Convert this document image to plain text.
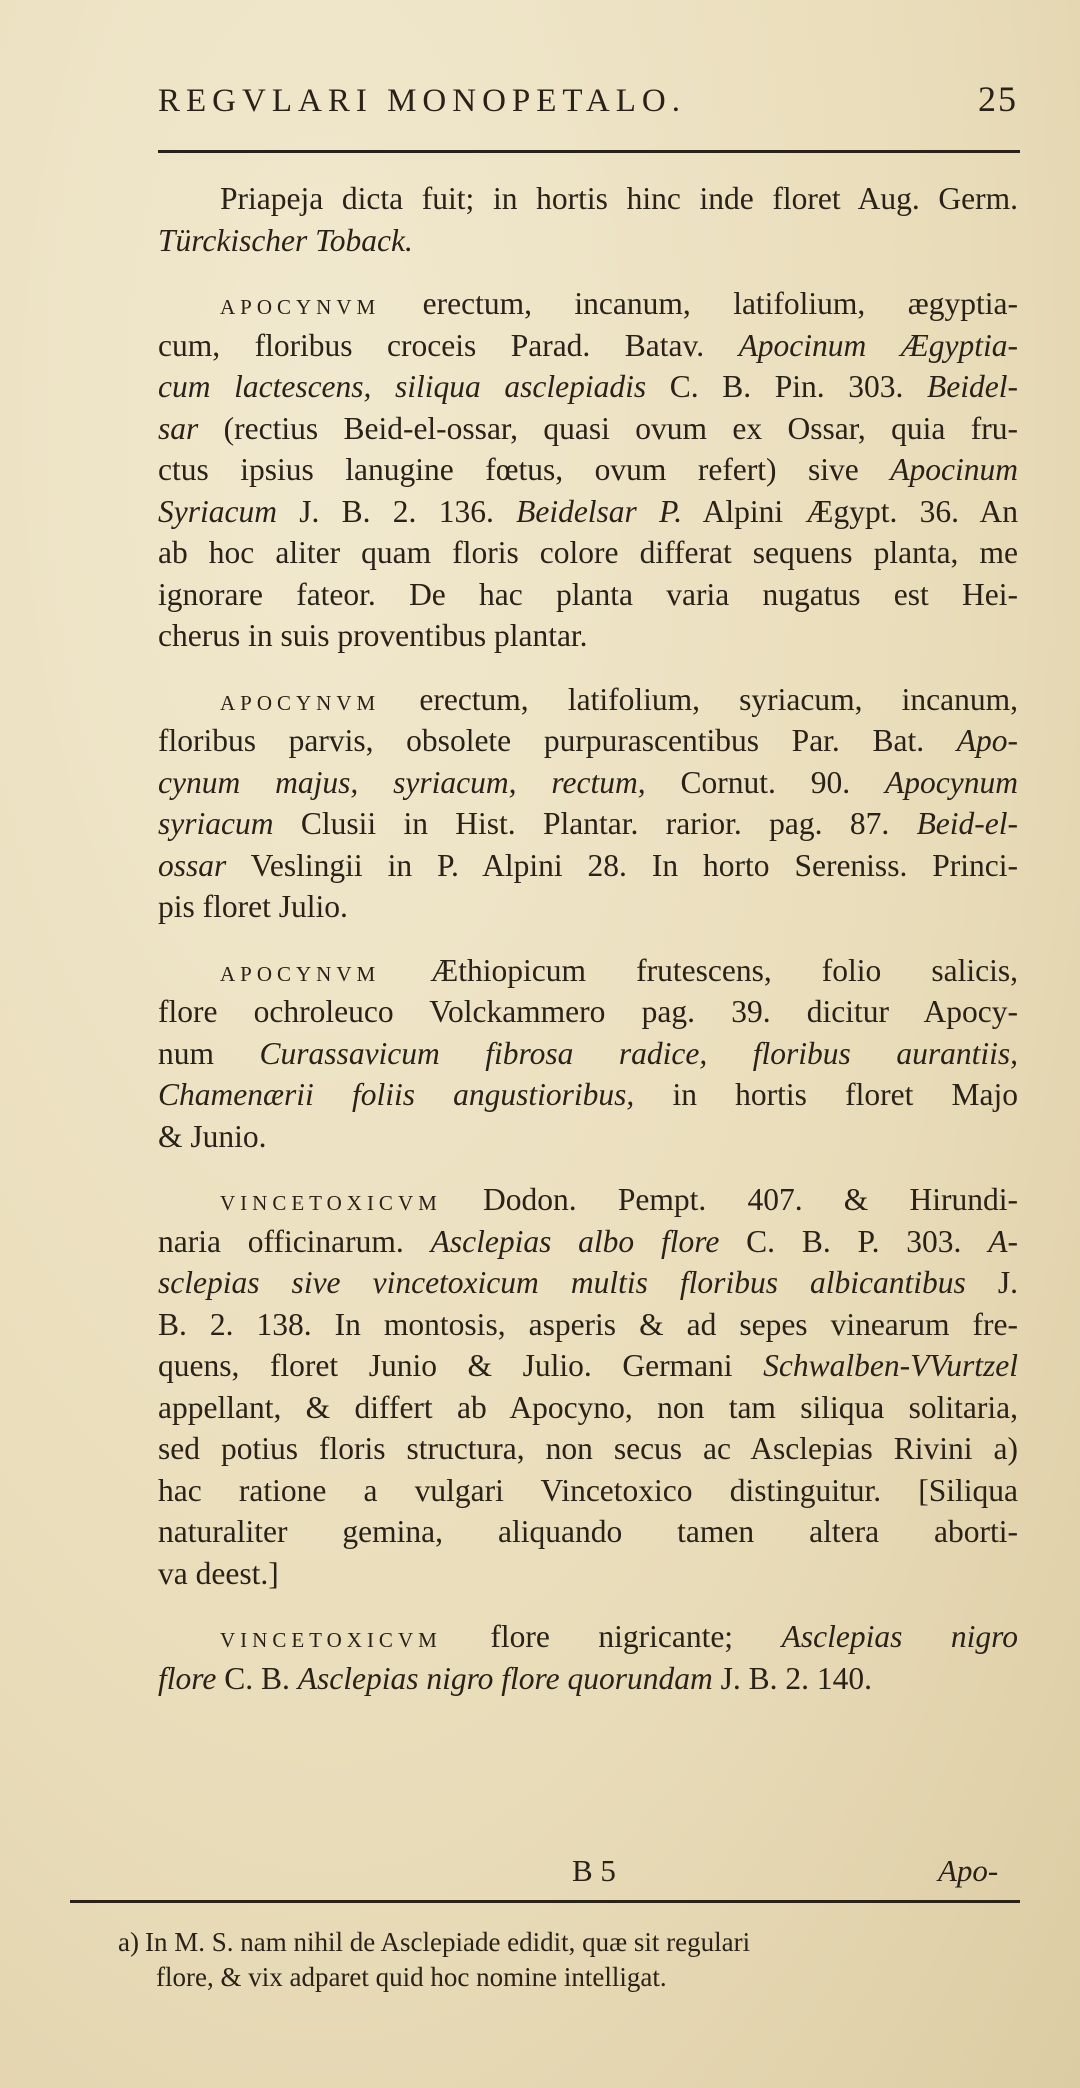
REGVLARI MONOPETALO.	25
Priapeja dicta fuit; in hortis hinc inde floret Aug. Germ.
Türckischer Toback.
APOCYNVM erectum, incanum, latifolium, ægyptia-
cum, floribus croceis Parad. Batav. Apocinum Ægyptia-
cum lactescens, siliqua asclepiadis C. B. Pin. 303. Beidel-
sar (rectius Beid-el-ossar, quasi ovum ex Ossar, quia fru-
ctus ipsius lanugine fœtus, ovum refert) sive Apocinum
Syriacum J. B. 2. 136. Beidelsar P. Alpini Ægypt. 36. An
ab hoc aliter quam floris colore differat sequens planta, me
ignorare fateor. De hac planta varia nugatus est Hei-
cherus in suis proventibus plantar.
APOCYNVM erectum, latifolium, syriacum, incanum,
floribus parvis, obsolete purpurascentibus Par. Bat. Apo-
cynum majus, syriacum, rectum, Cornut. 90. Apocynum
syriacum Clusii in Hist. Plantar. rarior. pag. 87. Beid-el-
ossar Veslingii in P. Alpini 28. In horto Sereniss. Princi-
pis floret Julio.
APOCYNVM Æthiopicum frutescens, folio salicis,
flore ochroleuco Volckammero pag. 39. dicitur Apocy-
num Curassavicum fibrosa radice, floribus aurantiis,
Chamenærii foliis angustioribus, in hortis floret Majo
& Junio.
VINCETOXICVM Dodon. Pempt. 407. & Hirundi-
naria officinarum. Asclepias albo flore C. B. P. 303. A-
sclepias sive vincetoxicum multis floribus albicantibus J.
B. 2. 138. In montosis, asperis & ad sepes vinearum fre-
quens, floret Junio & Julio. Germani Schwalben-VVurtzel
appellant, & differt ab Apocyno, non tam siliqua solitaria,
sed potius floris structura, non secus ac Asclepias Rivini a)
hac ratione a vulgari Vincetoxico distinguitur. [Siliqua
naturaliter gemina, aliquando tamen altera aborti-
va deest.]
VINCETOXICVM flore nigricante; Asclepias nigro
flore C. B. Asclepias nigro flore quorundam J. B. 2. 140.
B 5	Apo-
a) In M. S. nam nihil de Asclepiade edidit, quæ sit regulari
flore, & vix adparet quid hoc nomine intelligat.
